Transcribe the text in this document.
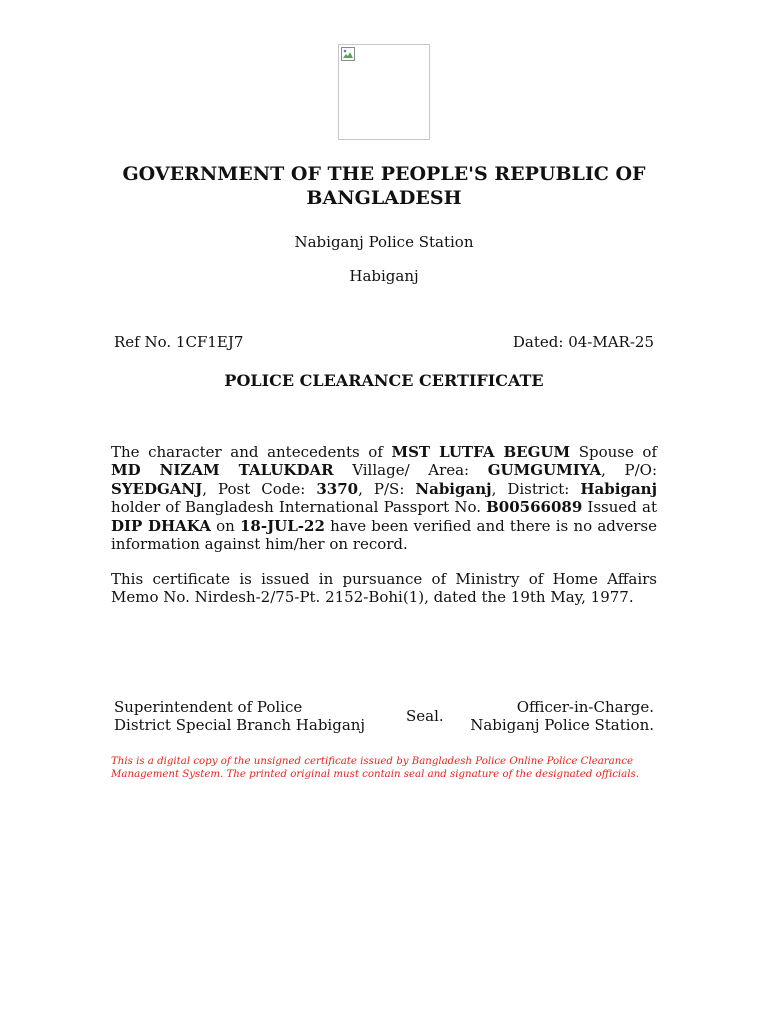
GOVERNMENT OF THE PEOPLE'S REPUBLIC OF BANGLADESH
Nabiganj Police Station
Habiganj
Ref No. 1CF1EJ7	Dated: 04-MAR-25
POLICE CLEARANCE CERTIFICATE

The character and antecedents of MST LUTFA BEGUM Spouse of MD NIZAM TALUKDAR Village/ Area: GUMGUMIYA, P/O: SYEDGANJ, Post Code: 3370, P/S: Nabiganj, District: Habiganj holder of Bangladesh International Passport No. B00566089 Issued at DIP DHAKA on 18-JUL-22 have been verified and there is no adverse information against him/her on record.

This certificate is issued in pursuance of Ministry of Home Affairs Memo No. Nirdesh-2/75-Pt. 2152-Bohi(1), dated the 19th May, 1977.

Superintendent of Police
District Special Branch Habiganj	Seal.	Officer-in-Charge.
Nabiganj Police Station.
This is a digital copy of the unsigned certificate issued by Bangladesh Police Online Police Clearance Management System. The printed original must contain seal and signature of the designated officials.
